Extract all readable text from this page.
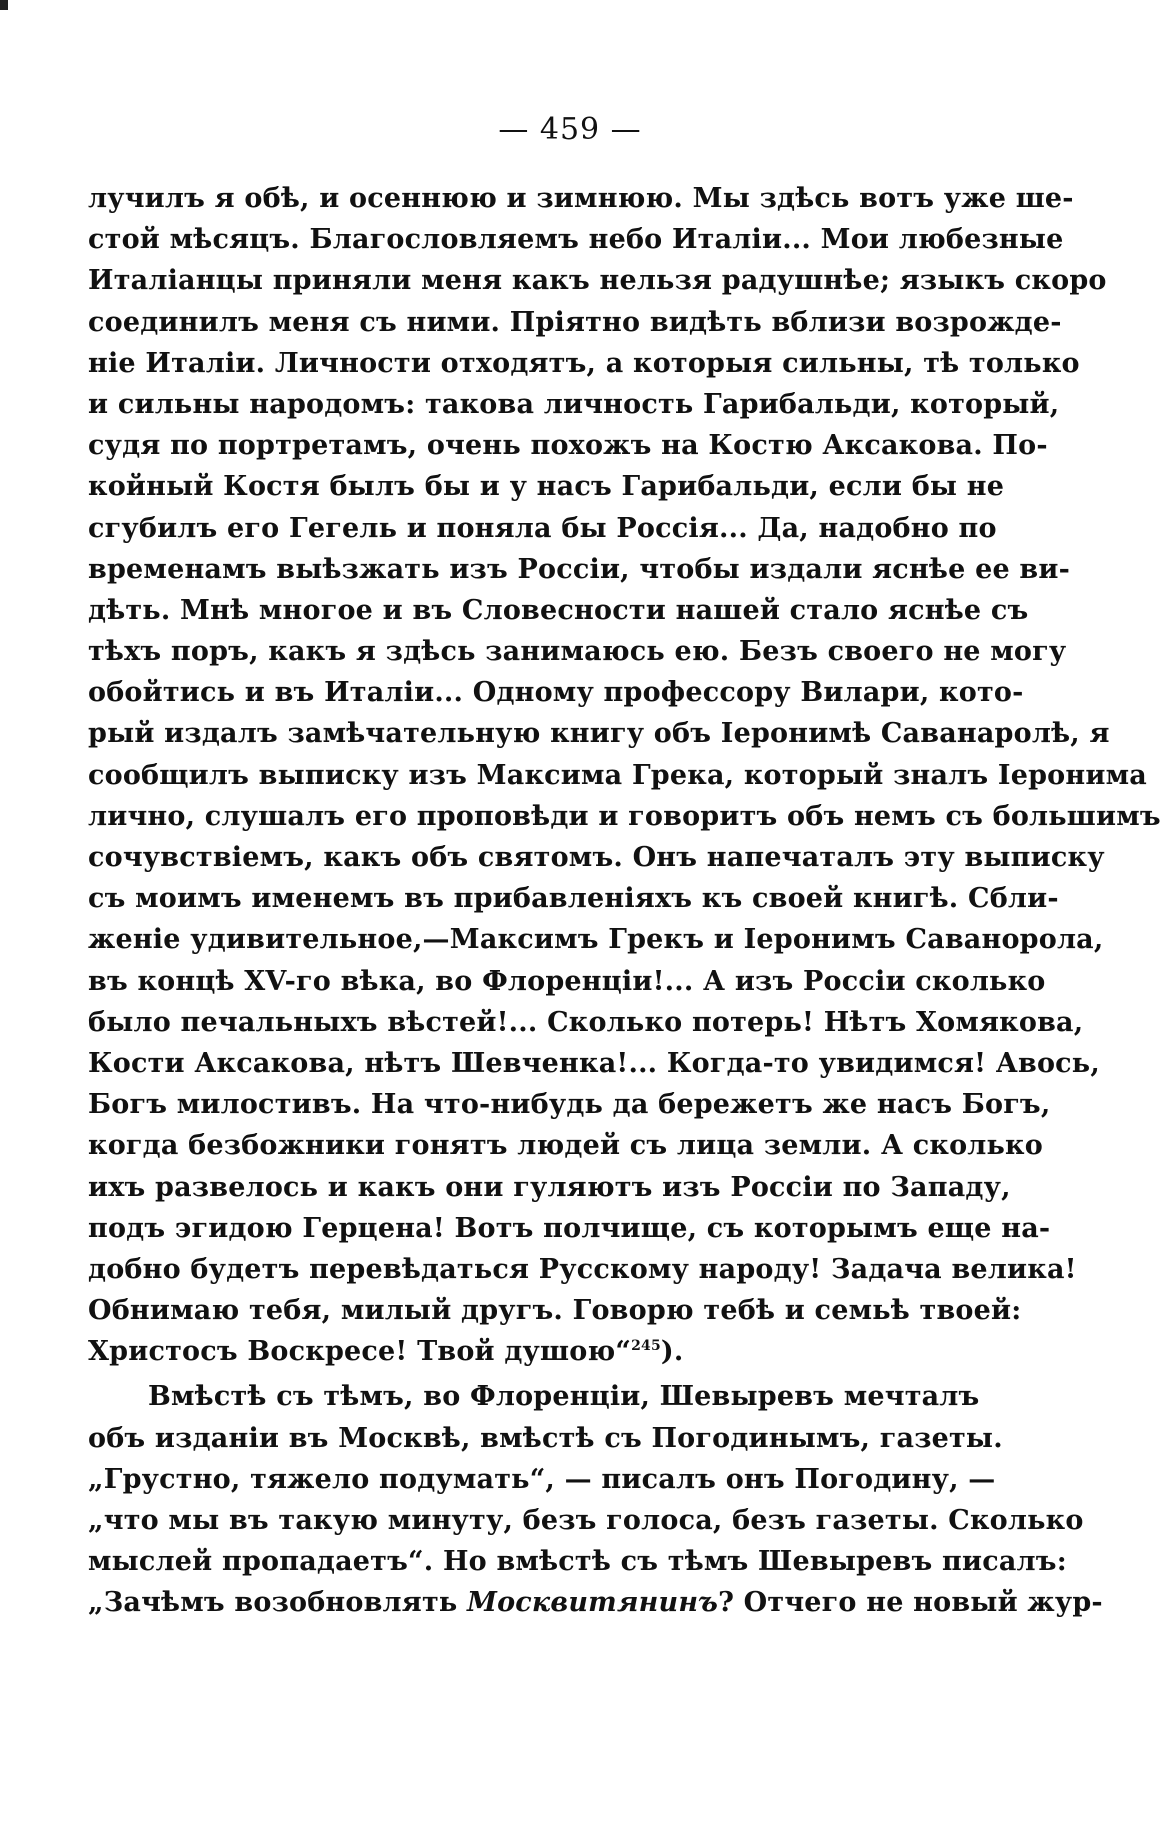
— 459 —
лучилъ я обѣ, и осеннюю и зимнюю. Мы здѣсь вотъ уже ше-
стой мѣсяцъ. Благословляемъ небо Италіи... Мои любезные
Италіанцы приняли меня какъ нельзя радушнѣе; языкъ скоро
соединилъ меня съ ними. Пріятно видѣть вблизи возрожде-
ніе Италіи. Личности отходятъ, а которыя сильны, тѣ только
и сильны народомъ: такова личность Гарибальди, который,
судя по портретамъ, очень похожъ на Костю Аксакова. По-
койный Костя былъ бы и у насъ Гарибальди, если бы не
сгубилъ его Гегель и поняла бы Россія... Да, надобно по
временамъ выѣзжать изъ Россіи, чтобы издали яснѣе ее ви-
дѣть. Мнѣ многое и въ Словесности нашей стало яснѣе съ
тѣхъ поръ, какъ я здѣсь занимаюсь ею. Безъ своего не могу
обойтись и въ Италіи... Одному профессору Вилари, кото-
рый издалъ замѣчательную книгу объ Іеронимѣ Саванаролѣ, я
сообщилъ выписку изъ Максима Грека, который зналъ Іеронима
лично, слушалъ его проповѣди и говоритъ объ немъ съ большимъ
сочувствіемъ, какъ объ святомъ. Онъ напечаталъ эту выписку
съ моимъ именемъ въ прибавленіяхъ къ своей книгѣ. Сбли-
женіе удивительное,—Максимъ Грекъ и Іеронимъ Саванорола,
въ концѣ XV-го вѣка, во Флоренціи!... А изъ Россіи сколько
было печальныхъ вѣстей!... Сколько потерь! Нѣтъ Хомякова,
Кости Аксакова, нѣтъ Шевченка!... Когда-то увидимся! Авось,
Богъ милостивъ. На что-нибудь да бережетъ же насъ Богъ,
когда безбожники гонятъ людей съ лица земли. А сколько
ихъ развелось и какъ они гуляютъ изъ Россіи по Западу,
подъ эгидою Герцена! Вотъ полчище, съ которымъ еще на-
добно будетъ перевѣдаться Русскому народу! Задача велика!
Обнимаю тебя, милый другъ. Говорю тебѣ и семьѣ твоей:
Христосъ Воскресе! Твой душою“$^{245}$).
Вмѣстѣ съ тѣмъ, во Флоренціи, Шевыревъ мечталъ
объ изданіи въ Москвѣ, вмѣстѣ съ Погодинымъ, газеты.
„Грустно, тяжело подумать“, — писалъ онъ Погодину, —
„что мы въ такую минуту, безъ голоса, безъ газеты. Сколько
мыслей пропадаетъ“. Но вмѣстѣ съ тѣмъ Шевыревъ писалъ:
„Зачѣмъ возобновлять Москвитянинъ? Отчего не новый жур-
